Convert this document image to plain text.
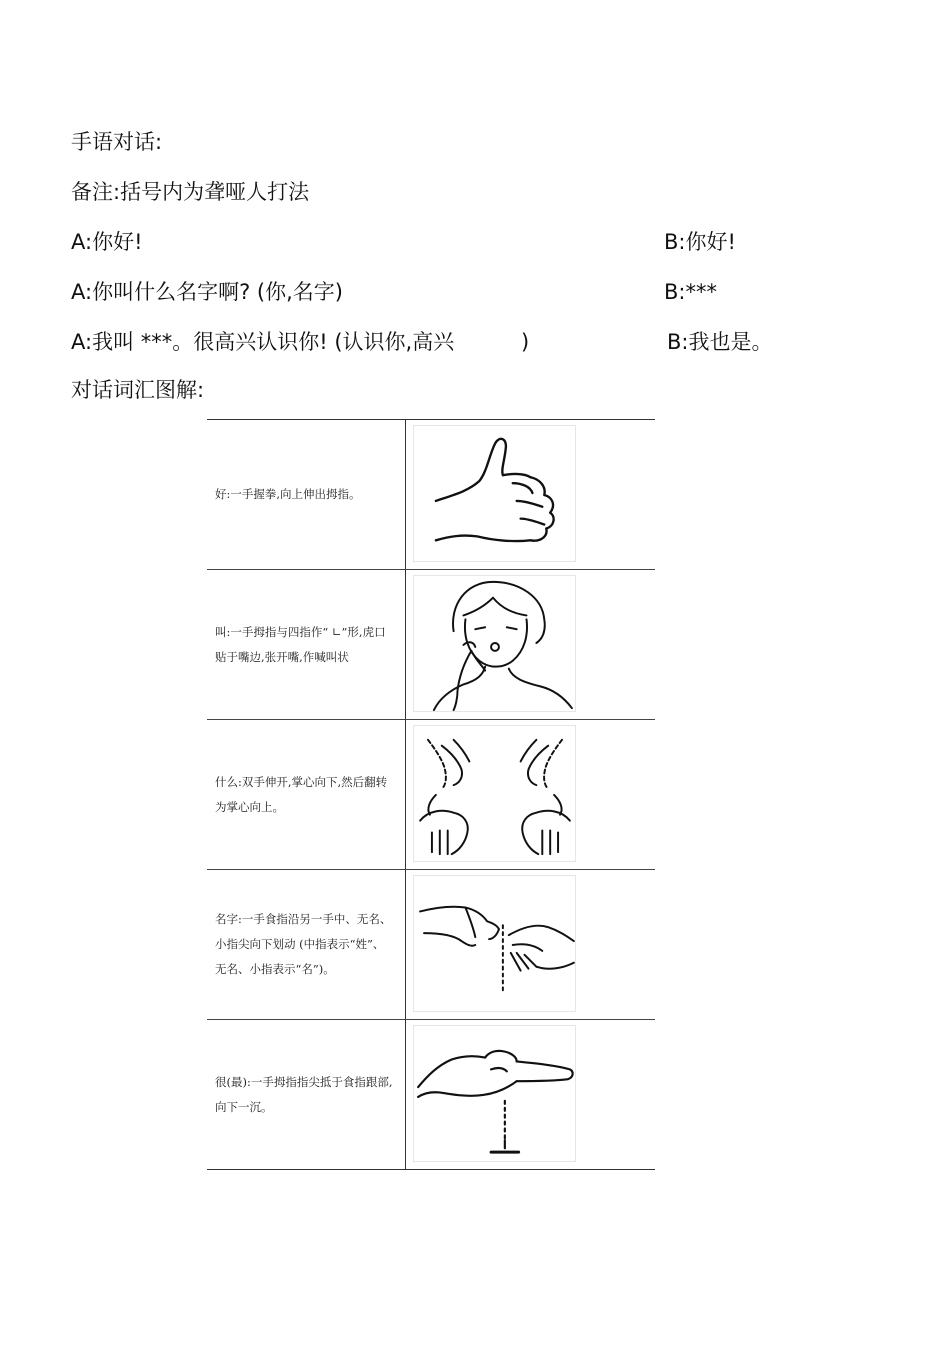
手语对话:
备注:括号内为聋哑人打法
A:你好!	B:你好!
A:你叫什么名字啊? (你,名字)	B:***
A:我叫 ***。很高兴认识你! (认识你,高兴          )	B:我也是。
对话词汇图解:
好:一手握拳,向上伸出拇指。
叫:一手拇指与四指作“ ∟”形,虎口贴于嘴边,张开嘴,作喊叫状
什么:双手伸开,掌心向下,然后翻转为掌心向上。
名字:一手食指沿另一手中、无名、小指尖向下划动 (中指表示“姓”、无名、小指表示“名”)。
很(最):一手拇指指尖抵于食指跟部,向下一沉。
